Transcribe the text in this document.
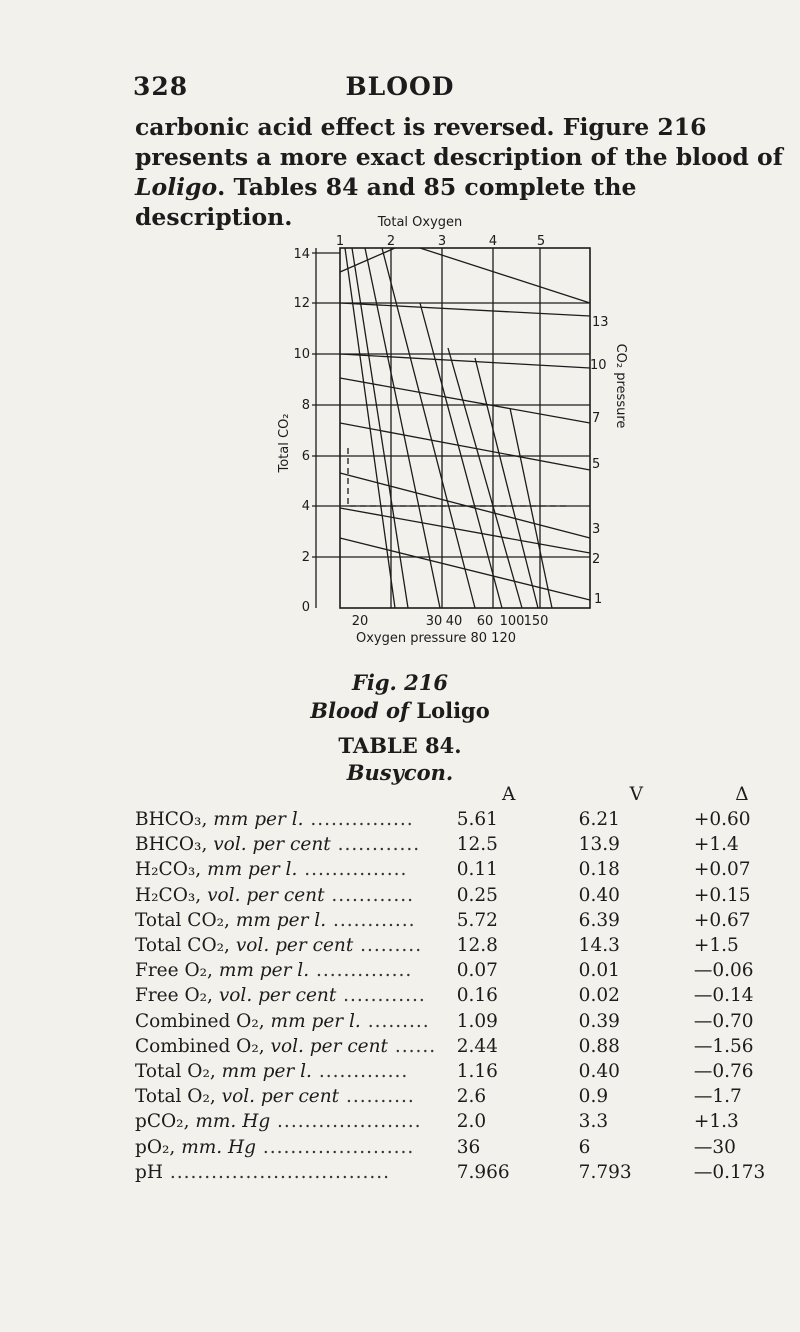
328	BLOOD

carbonic acid effect is reversed. Figure 216 presents a more exact description of the blood of Loligo. Tables 84 and 85 complete the description.	Total Oxygen
1	2	3	4	5
14
12
10
8
6
4
2
0
Total CO₂
13
10
7
5
3
2
1
CO₂ pressure
20	30 40 60 100 150
Oxygen pressure 80 120
Fig. 216
Blood of Loligo
TABLE 84.
Busycon.
	A	V	Δ
BHCO₃, mm per l. ...............	5.61	6.21	+0.60
BHCO₃, vol. per cent ............	12.5	13.9	+1.4
H₂CO₃, mm per l. ...............	0.11	0.18	+0.07
H₂CO₃, vol. per cent ............	0.25	0.40	+0.15
Total CO₂, mm per l. ............	5.72	6.39	+0.67
Total CO₂, vol. per cent .........	12.8	14.3	+1.5
Free O₂, mm per l. ..............	0.07	0.01	—0.06
Free O₂, vol. per cent ............	0.16	0.02	—0.14
Combined O₂, mm per l. .........	1.09	0.39	—0.70
Combined O₂, vol. per cent ......	2.44	0.88	—1.56
Total O₂, mm per l. .............	1.16	0.40	—0.76
Total O₂, vol. per cent ..........	2.6	0.9	—1.7
pCO₂, mm. Hg .....................	2.0	3.3	+1.3
pO₂, mm. Hg ......................	36	6	—30
pH ................................	7.966	7.793	—0.173
